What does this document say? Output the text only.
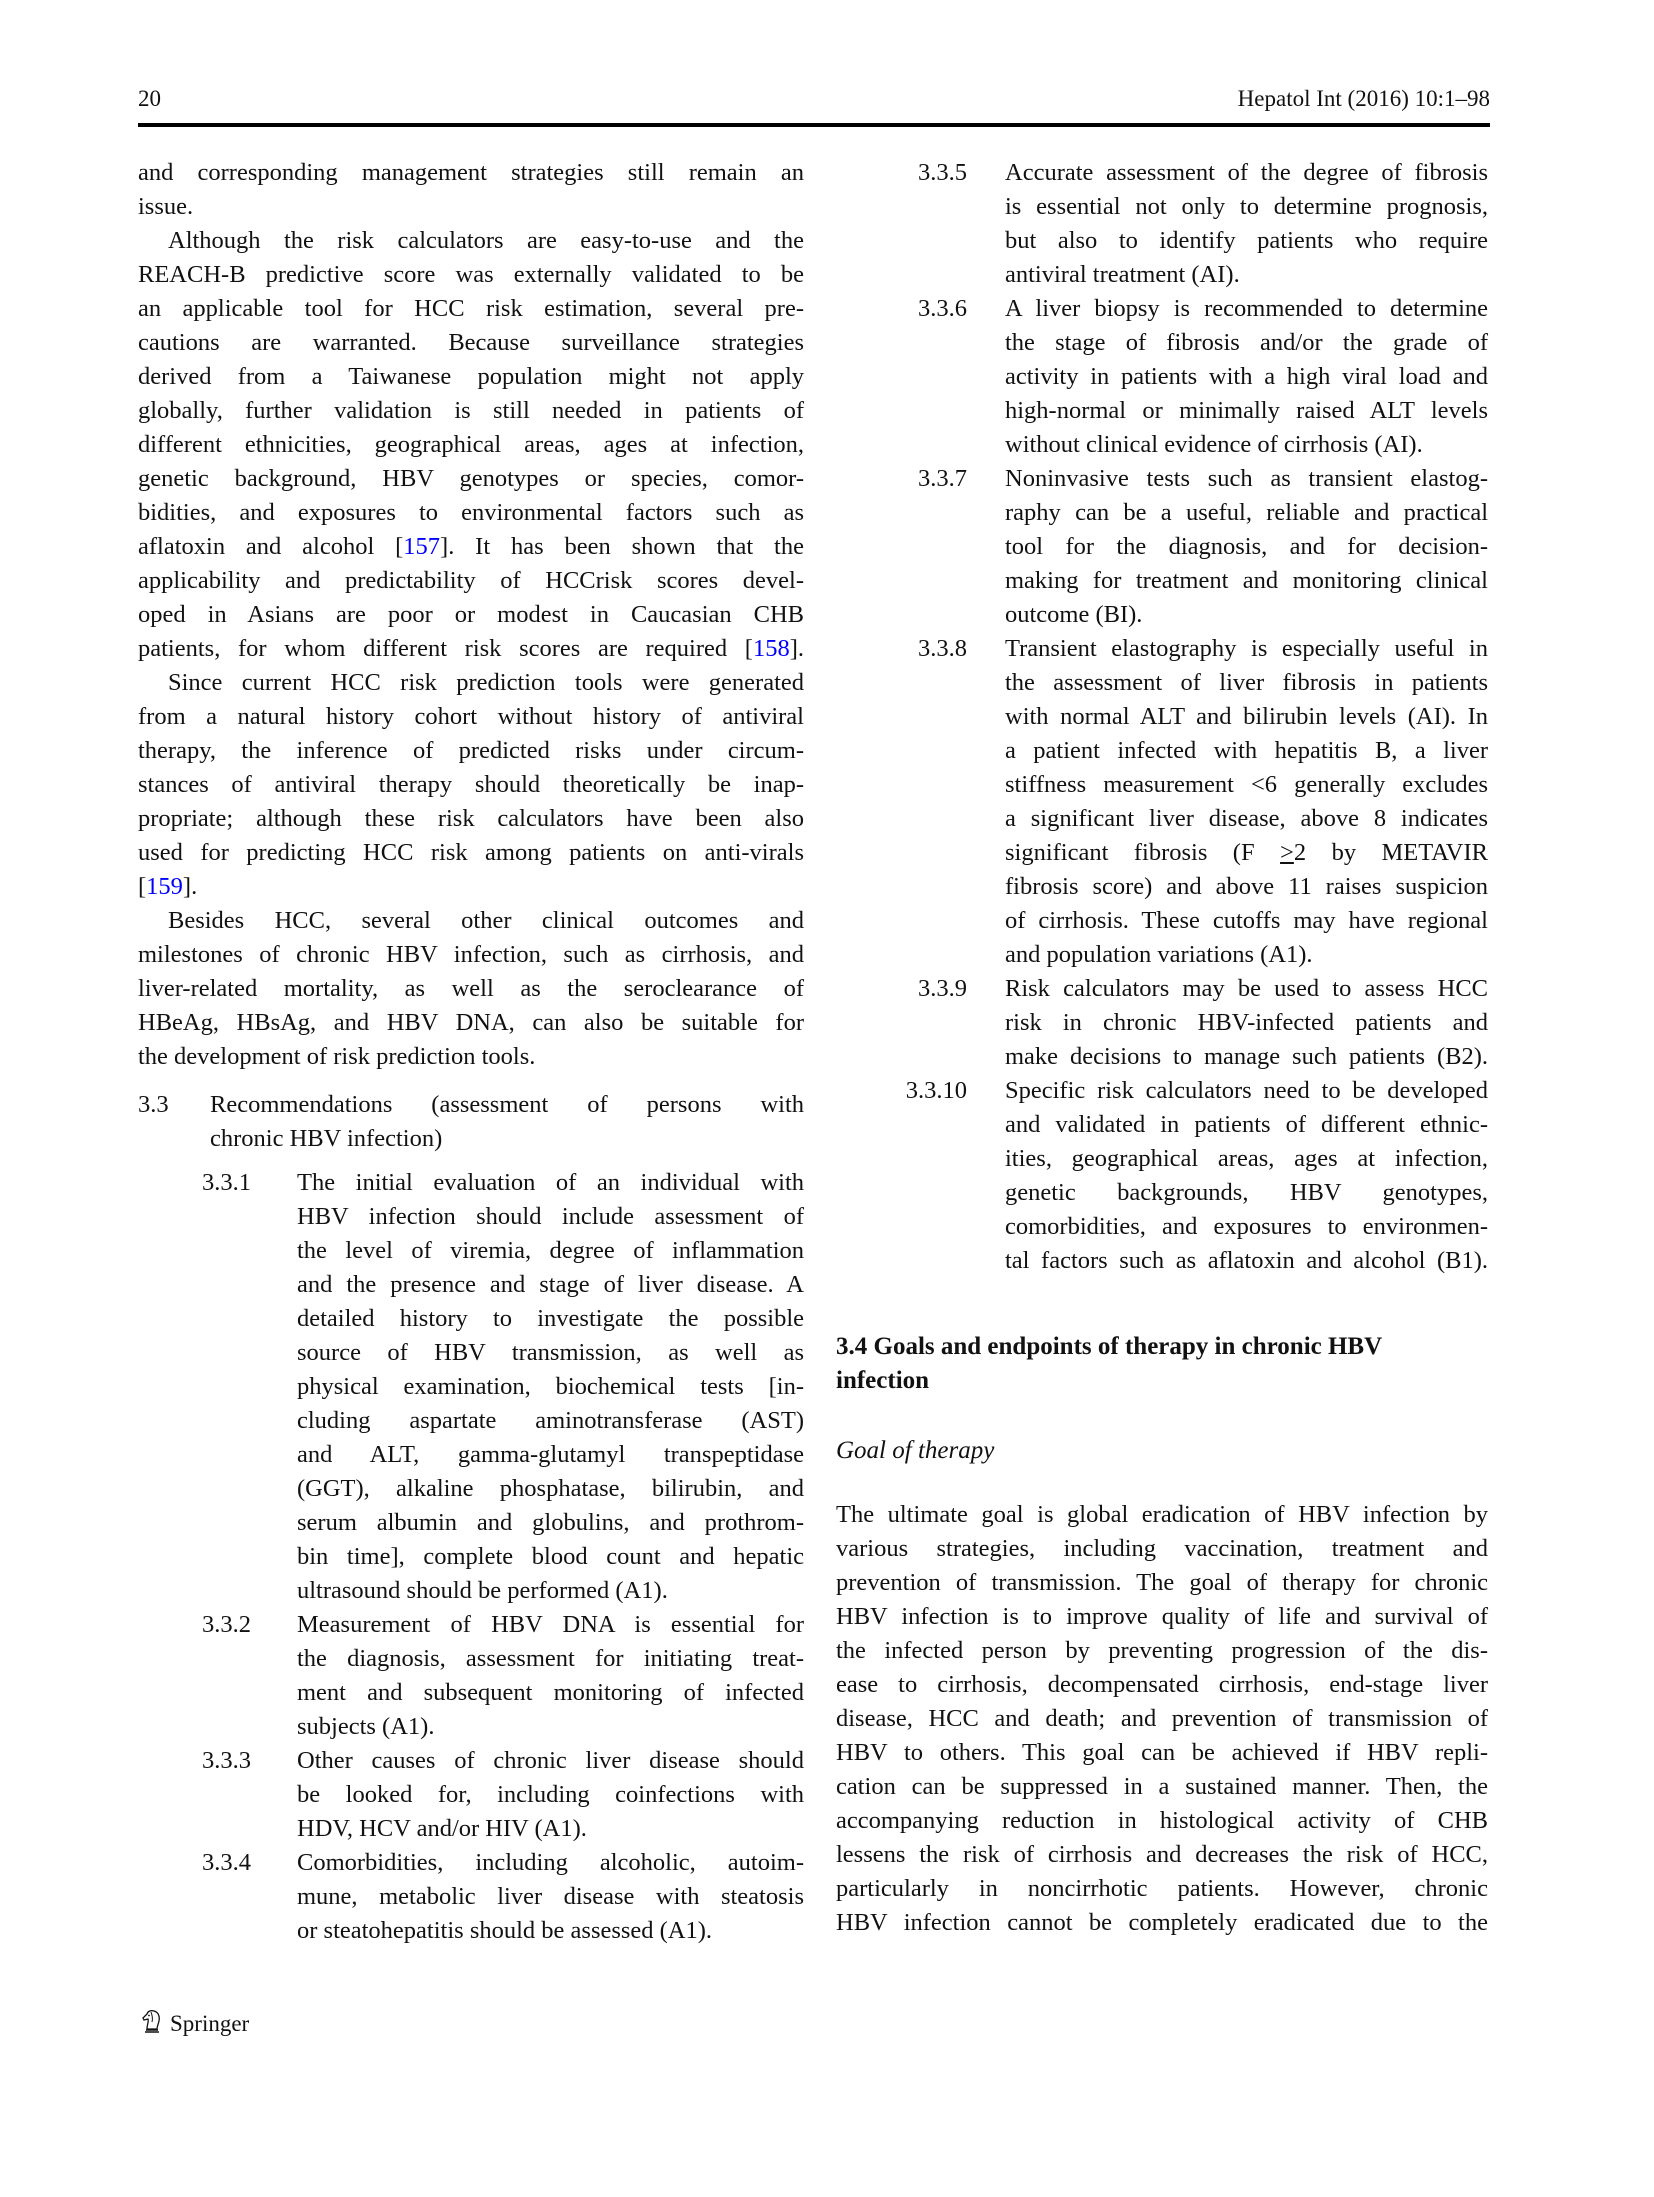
20	Hepatol Int (2016) 10:1–98
and corresponding management strategies still remain an
issue.
Although the risk calculators are easy-to-use and the
REACH-B predictive score was externally validated to be
an applicable tool for HCC risk estimation, several pre-
cautions are warranted. Because surveillance strategies
derived from a Taiwanese population might not apply
globally, further validation is still needed in patients of
different ethnicities, geographical areas, ages at infection,
genetic background, HBV genotypes or species, comor-
bidities, and exposures to environmental factors such as
aflatoxin and alcohol [157]. It has been shown that the
applicability and predictability of HCCrisk scores devel-
oped in Asians are poor or modest in Caucasian CHB
patients, for whom different risk scores are required [158].
Since current HCC risk prediction tools were generated
from a natural history cohort without history of antiviral
therapy, the inference of predicted risks under circum-
stances of antiviral therapy should theoretically be inap-
propriate; although these risk calculators have been also
used for predicting HCC risk among patients on anti-virals
[159].
Besides HCC, several other clinical outcomes and
milestones of chronic HBV infection, such as cirrhosis, and
liver-related mortality, as well as the seroclearance of
HBeAg, HBsAg, and HBV DNA, can also be suitable for
the development of risk prediction tools.
3.3 Recommendations (assessment of persons with
chronic HBV infection)
3.3.1 The initial evaluation of an individual with
HBV infection should include assessment of
the level of viremia, degree of inflammation
and the presence and stage of liver disease. A
detailed history to investigate the possible
source of HBV transmission, as well as
physical examination, biochemical tests [in-
cluding aspartate aminotransferase (AST)
and ALT, gamma-glutamyl transpeptidase
(GGT), alkaline phosphatase, bilirubin, and
serum albumin and globulins, and prothrom-
bin time], complete blood count and hepatic
ultrasound should be performed (A1).
3.3.2 Measurement of HBV DNA is essential for
the diagnosis, assessment for initiating treat-
ment and subsequent monitoring of infected
subjects (A1).
3.3.3 Other causes of chronic liver disease should
be looked for, including coinfections with
HDV, HCV and/or HIV (A1).
3.3.4 Comorbidities, including alcoholic, autoim-
mune, metabolic liver disease with steatosis
or steatohepatitis should be assessed (A1).
3.3.5 Accurate assessment of the degree of fibrosis
is essential not only to determine prognosis,
but also to identify patients who require
antiviral treatment (AI).
3.3.6 A liver biopsy is recommended to determine
the stage of fibrosis and/or the grade of
activity in patients with a high viral load and
high-normal or minimally raised ALT levels
without clinical evidence of cirrhosis (AI).
3.3.7 Noninvasive tests such as transient elastog-
raphy can be a useful, reliable and practical
tool for the diagnosis, and for decision-
making for treatment and monitoring clinical
outcome (BI).
3.3.8 Transient elastography is especially useful in
the assessment of liver fibrosis in patients
with normal ALT and bilirubin levels (AI). In
a patient infected with hepatitis B, a liver
stiffness measurement <6 generally excludes
a significant liver disease, above 8 indicates
significant fibrosis (F ≥2 by METAVIR
fibrosis score) and above 11 raises suspicion
of cirrhosis. These cutoffs may have regional
and population variations (A1).
3.3.9 Risk calculators may be used to assess HCC
risk in chronic HBV-infected patients and
make decisions to manage such patients (B2).
3.3.10 Specific risk calculators need to be developed
and validated in patients of different ethnic-
ities, geographical areas, ages at infection,
genetic backgrounds, HBV genotypes,
comorbidities, and exposures to environmen-
tal factors such as aflatoxin and alcohol (B1).
3.4 Goals and endpoints of therapy in chronic HBV
infection
Goal of therapy
The ultimate goal is global eradication of HBV infection by
various strategies, including vaccination, treatment and
prevention of transmission. The goal of therapy for chronic
HBV infection is to improve quality of life and survival of
the infected person by preventing progression of the dis-
ease to cirrhosis, decompensated cirrhosis, end-stage liver
disease, HCC and death; and prevention of transmission of
HBV to others. This goal can be achieved if HBV repli-
cation can be suppressed in a sustained manner. Then, the
accompanying reduction in histological activity of CHB
lessens the risk of cirrhosis and decreases the risk of HCC,
particularly in noncirrhotic patients. However, chronic
HBV infection cannot be completely eradicated due to the
Springer
